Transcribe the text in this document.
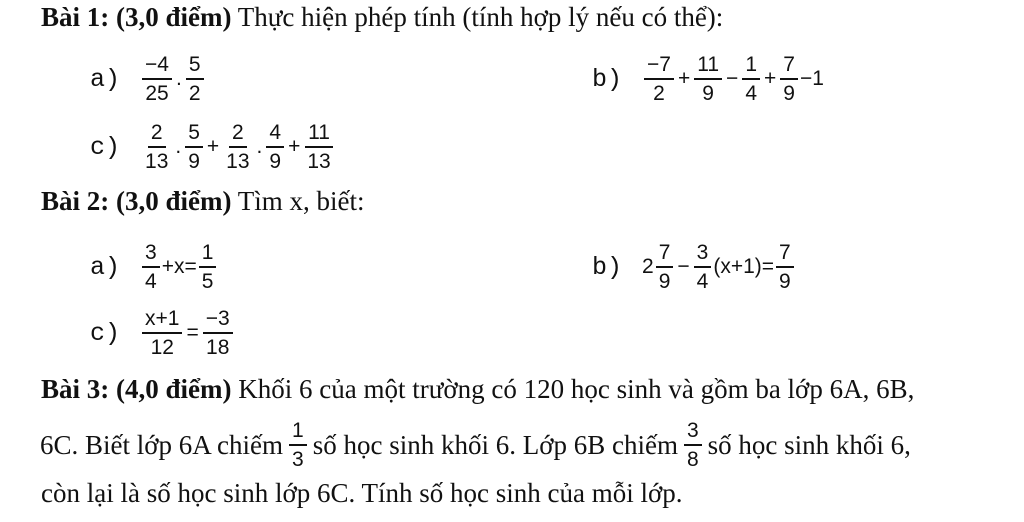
Bài 1: (3,0 điểm) Thực hiện phép tính (tính hợp lý nếu có thể):
$a) \frac{-4}{25}$ . $\frac{5}{2}$	$b) \frac{-7}{2} + \frac{11}{9} - \frac{1}{4} + \frac{7}{9} -1$
$c) \frac{2}{13}$ . $\frac{5}{9} + \frac{2}{13}$ . $\frac{4}{9} + \frac{11}{13}$
Bài 2: (3,0 điểm) Tìm x, biết:
$a) \frac{3}{4} +x= \frac{1}{5}$	b) $2 \frac{7}{9} - \frac{3}{4} (x+1)= \frac{7}{9}$
$c) \frac{x+1}{12} = \frac{-3}{18}$
Bài 3: (4,0 điểm) Khối 6 của một trường có 120 học sinh và gồm ba lớp 6A, 6B,
6C. Biết lớp 6A chiếm $\frac{1}{3}$ số học sinh khối 6. Lớp 6B chiếm $\frac{3}{8}$ số học sinh khối 6,
còn lại là số học sinh lớp 6C. Tính số học sinh của mỗi lớp.
